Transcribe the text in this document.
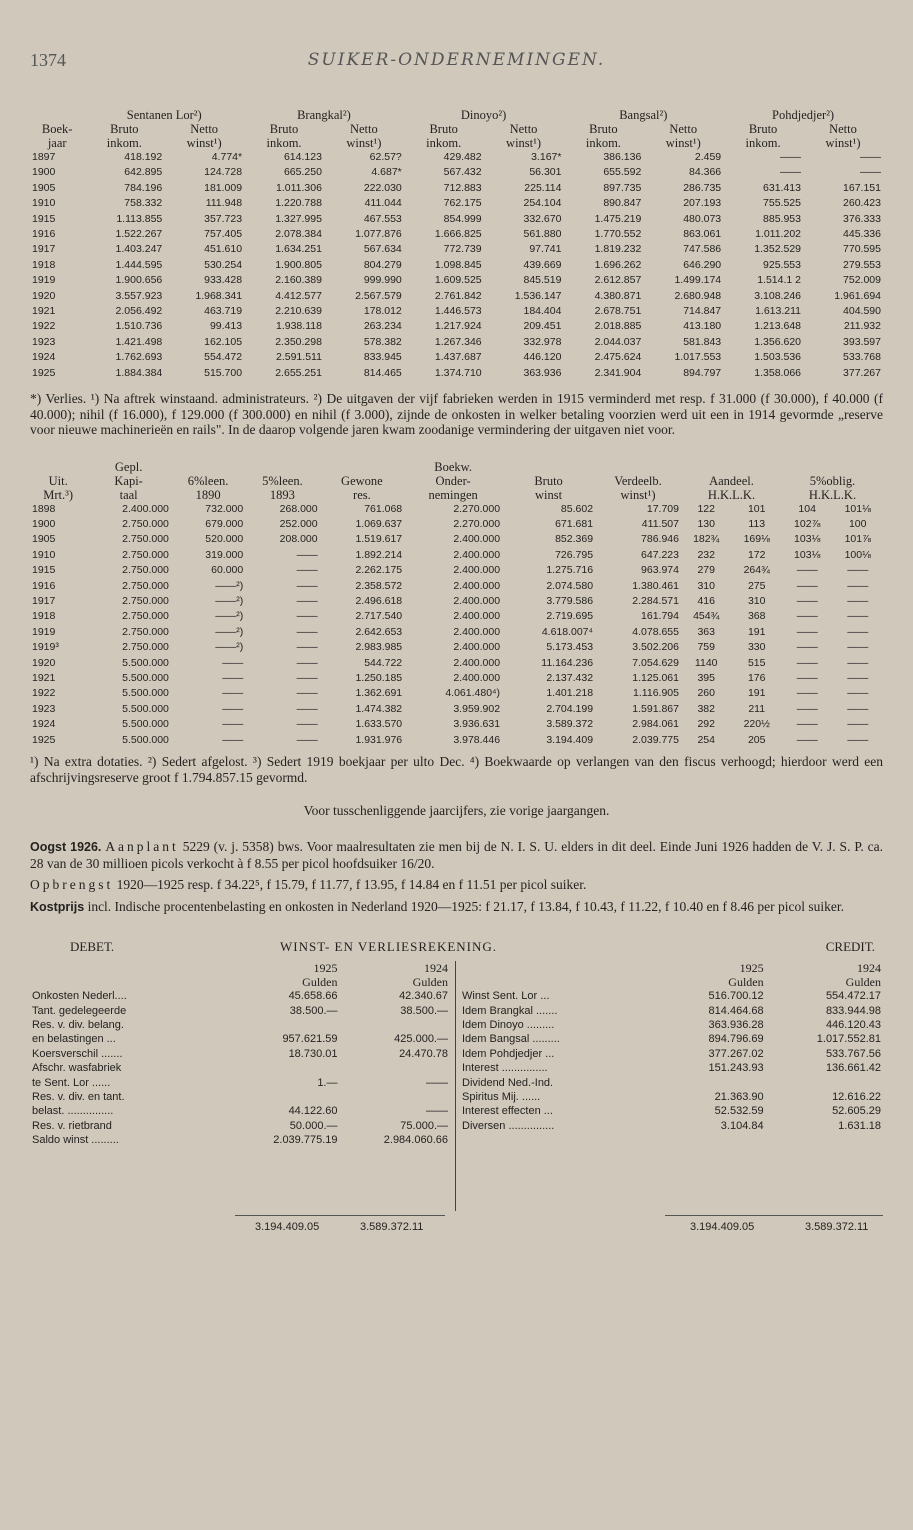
1374	SUIKER-ONDERNEMINGEN.
	Sentanen Lor²)		Brangkal²)		Dinoyo²)		Bangsal²)		Pohdjedjer²)	
Boek-	Bruto	Netto	Bruto	Netto	Bruto	Netto	Bruto	Netto	Bruto	Netto
jaar	inkom.	winst¹)	inkom.	winst¹)	inkom.	winst¹)	inkom.	winst¹)	inkom.	winst¹)
1897	418.192	4.774*	614.123	62.57?	429.482	3.167*	386.136	2.459	——	——
1900	642.895	124.728	665.250	4.687*	567.432	56.301	655.592	84.366	——	——
1905	784.196	181.009	1.011.306	222.030	712.883	225.114	897.735	286.735	631.413	167.151
1910	758.332	111.948	1.220.788	411.044	762.175	254.104	890.847	207.193	755.525	260.423
1915	1.113.855	357.723	1.327.995	467.553	854.999	332.670	1.475.219	480.073	885.953	376.333
1916	1.522.267	757.405	2.078.384	1.077.876	1.666.825	561.880	1.770.552	863.061	1.011.202	445.336
1917	1.403.247	451.610	1.634.251	567.634	772.739	97.741	1.819.232	747.586	1.352.529	770.595
1918	1.444.595	530.254	1.900.805	804.279	1.098.845	439.669	1.696.262	646.290	925.553	279.553
1919	1.900.656	933.428	2.160.389	999.990	1.609.525	845.519	2.612.857	1.499.174	1.514.1 2	752.009
1920	3.557.923	1.968.341	4.412.577	2.567.579	2.761.842	1.536.147	4.380.871	2.680.948	3.108.246	1.961.694
1921	2.056.492	463.719	2.210.639	178.012	1.446.573	184.404	2.678.751	714.847	1.613.211	404.590
1922	1.510.736	99.413	1.938.118	263.234	1.217.924	209.451	2.018.885	413.180	1.213.648	211.932
1923	1.421.498	162.105	2.350.298	578.382	1.267.346	332.978	2.044.037	581.843	1.356.620	393.597
1924	1.762.693	554.472	2.591.511	833.945	1.437.687	446.120	2.475.624	1.017.553	1.503.536	533.768
1925	1.884.384	515.700	2.655.251	814.465	1.374.710	363.936	2.341.904	894.797	1.358.066	377.267

*) Verlies. ¹) Na aftrek winstaand. administrateurs. ²) De uitgaven der vijf fabrieken werden in 1915 verminderd met resp. f 31.000 (f 30.000), f 40.000 (f 40.000); nihil (f 16.000), f 129.000 (f 300.000) en nihil (f 3.000), zijnde de onkosten in welker betaling voorzien werd uit een in 1914 gevormde „reserve voor nieuwe machinerieën en rails". In de daarop volgende jaren kwam zoodanige vermindering der uitgaven niet voor.

	Gepl.				Boekw.						
Uit.	Kapi-	6%leen.	5%leen.	Gewone	Onder-	Bruto	Verdeelb.	Aandeel.		5%oblig.	
Mrt.³)	taal	1890	1893	res.	nemingen	winst	winst¹)	H.K.L.K.		H.K.L.K.	
1898	2.400.000	732.000	268.000	761.068	2.270.000	85.602	17.709	122	101	104	101⅛
1900	2.750.000	679.000	252.000	1.069.637	2.270.000	671.681	411.507	130	113	102⅞	100
1905	2.750.000	520.000	208.000	1.519.617	2.400.000	852.369	786.946	182¾	169⅛	103⅛	101⅞
1910	2.750.000	319.000	——	1.892.214	2.400.000	726.795	647.223	232	172	103⅛	100⅛
1915	2.750.000	60.000	——	2.262.175	2.400.000	1.275.716	963.974	279	264¾	——	——
1916	2.750.000	——²)	——	2.358.572	2.400.000	2.074.580	1.380.461	310	275	——	——
1917	2.750.000	——²)	——	2.496.618	2.400.000	3.779.586	2.284.571	416	310	——	——
1918	2.750.000	——²)	——	2.717.540	2.400.000	2.719.695	161.794	454¾	368	——	——
1919	2.750.000	——²)	——	2.642.653	2.400.000	4.618.007⁴	4.078.655	363	191	——	——
1919³	2.750.000	——²)	——	2.983.985	2.400.000	5.173.453	3.502.206	759	330	——	——
1920	5.500.000	——	——	544.722	2.400.000	11.164.236	7.054.629	1140	515	——	——
1921	5.500.000	——	——	1.250.185	2.400.000	2.137.432	1.125.061	395	176	——	——
1922	5.500.000	——	——	1.362.691	4.061.480⁴)	1.401.218	1.116.905	260	191	——	——
1923	5.500.000	——	——	1.474.382	3.959.902	2.704.199	1.591.867	382	211	——	——
1924	5.500.000	——	——	1.633.570	3.936.631	3.589.372	2.984.061	292	220½	——	——
1925	5.500.000	——	——	1.931.976	3.978.446	3.194.409	2.039.775	254	205	——	——

¹) Na extra dotaties. ²) Sedert afgelost. ³) Sedert 1919 boekjaar per ulto Dec. ⁴) Boekwaarde op verlangen van den fiscus verhoogd; hierdoor werd een afschrijvingsreserve groot f 1.794.857.15 gevormd.

Voor tusschenliggende jaarcijfers, zie vorige jaargangen.

Oogst 1926. Aanplant 5229 (v. j. 5358) bws. Voor maalresultaten zie men bij de N. I. S. U. elders in dit deel. Einde Juni 1926 hadden de V. J. S. P. ca. 28 van de 30 millioen picols verkocht à f 8.55 per picol hoofdsuiker 16/20.

Opbrengst 1920—1925 resp. f 34.22⁵, f 15.79, f 11.77, f 13.95, f 14.84 en f 11.51 per picol suiker.

Kostprijs incl. Indische procentenbelasting en onkosten in Nederland 1920—1925: f 21.17, f 13.84, f 10.43, f 11.22, f 10.40 en f 8.46 per picol suiker.

DEBET.	WINST- EN VERLIESREKENING.	CREDIT.
	1925	1924
	Gulden	Gulden
Onkosten Nederl....	45.658.66	42.340.67
Tant. gedelegeerde	38.500.—	38.500.—
Res. v. div. belang.		
en belastingen ...	957.621.59	425.000.—
Koersverschil .......	18.730.01	24.470.78
Afschr. wasfabriek		
te Sent. Lor ......	1.—	——
Res. v. div. en tant.		
belast. ...............	44.122.60	——
Res. v. rietbrand	50.000.—	75.000.—
Saldo winst .........	2.039.775.19	2.984.060.66
	1925	1924
	Gulden	Gulden
Winst Sent. Lor ...	516.700.12	554.472.17
Idem Brangkal .......	814.464.68	833.944.98
Idem Dinoyo .........	363.936.28	446.120.43
Idem Bangsal .........	894.796.69	1.017.552.81
Idem Pohdjedjer ...	377.267.02	533.767.56
Interest ...............	151.243.93	136.661.42
Dividend Ned.-Ind.		
Spiritus Mij. ......	21.363.90	12.616.22
Interest effecten ...	52.532.59	52.605.29
Diversen ...............	3.104.84	1.631.18
3.194.409.05	3.589.372.11	3.194.409.05	3.589.372.11
